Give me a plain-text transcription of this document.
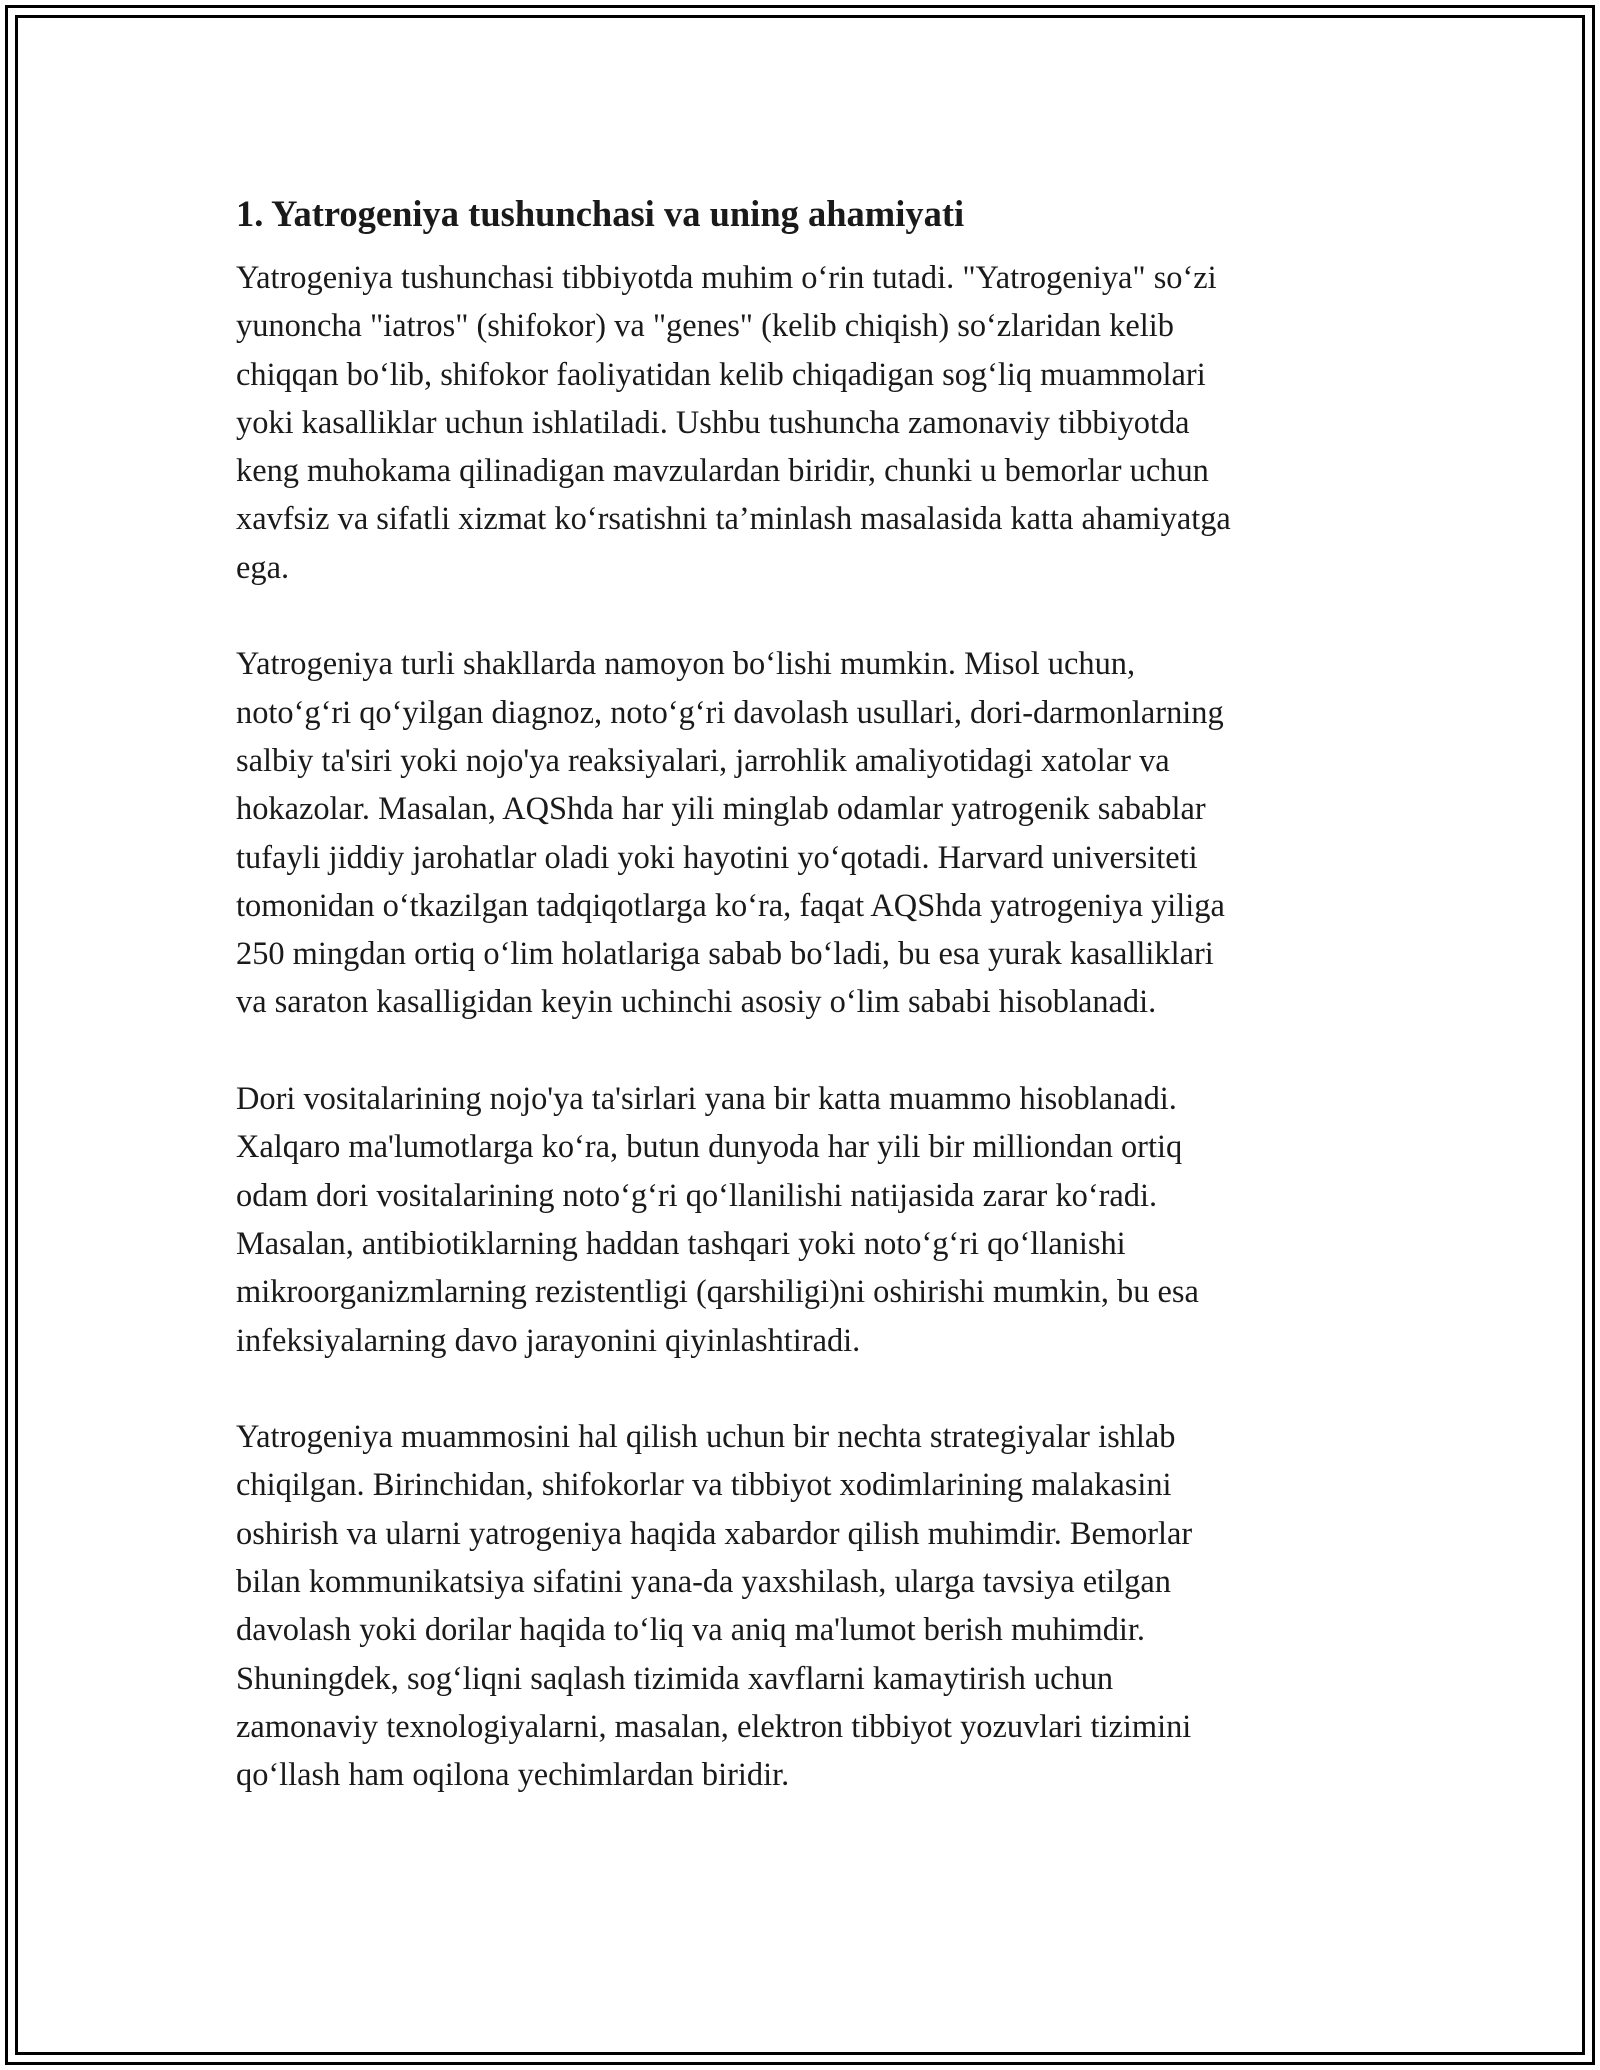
1. Yatrogeniya tushunchasi va uning ahamiyati

Yatrogeniya tushunchasi tibbiyotda muhim o‘rin tutadi. "Yatrogeniya" so‘zi
yunoncha "iatros" (shifokor) va "genes" (kelib chiqish) so‘zlaridan kelib
chiqqan bo‘lib, shifokor faoliyatidan kelib chiqadigan sog‘liq muammolari
yoki kasalliklar uchun ishlatiladi. Ushbu tushuncha zamonaviy tibbiyotda
keng muhokama qilinadigan mavzulardan biridir, chunki u bemorlar uchun
xavfsiz va sifatli xizmat ko‘rsatishni ta’minlash masalasida katta ahamiyatga
ega.

Yatrogeniya turli shakllarda namoyon bo‘lishi mumkin. Misol uchun,
noto‘g‘ri qo‘yilgan diagnoz, noto‘g‘ri davolash usullari, dori-darmonlarning
salbiy ta'siri yoki nojo'ya reaksiyalari, jarrohlik amaliyotidagi xatolar va
hokazolar. Masalan, AQShda har yili minglab odamlar yatrogenik sabablar
tufayli jiddiy jarohatlar oladi yoki hayotini yo‘qotadi. Harvard universiteti
tomonidan o‘tkazilgan tadqiqotlarga ko‘ra, faqat AQShda yatrogeniya yiliga
250 mingdan ortiq o‘lim holatlariga sabab bo‘ladi, bu esa yurak kasalliklari
va saraton kasalligidan keyin uchinchi asosiy o‘lim sababi hisoblanadi.

Dori vositalarining nojo'ya ta'sirlari yana bir katta muammo hisoblanadi.
Xalqaro ma'lumotlarga ko‘ra, butun dunyoda har yili bir milliondan ortiq
odam dori vositalarining noto‘g‘ri qo‘llanilishi natijasida zarar ko‘radi.
Masalan, antibiotiklarning haddan tashqari yoki noto‘g‘ri qo‘llanishi
mikroorganizmlarning rezistentligi (qarshiligi)ni oshirishi mumkin, bu esa
infeksiyalarning davo jarayonini qiyinlashtiradi.

Yatrogeniya muammosini hal qilish uchun bir nechta strategiyalar ishlab
chiqilgan. Birinchidan, shifokorlar va tibbiyot xodimlarining malakasini
oshirish va ularni yatrogeniya haqida xabardor qilish muhimdir. Bemorlar
bilan kommunikatsiya sifatini yana-da yaxshilash, ularga tavsiya etilgan
davolash yoki dorilar haqida to‘liq va aniq ma'lumot berish muhimdir.
Shuningdek, sog‘liqni saqlash tizimida xavflarni kamaytirish uchun
zamonaviy texnologiyalarni, masalan, elektron tibbiyot yozuvlari tizimini
qo‘llash ham oqilona yechimlardan biridir.
